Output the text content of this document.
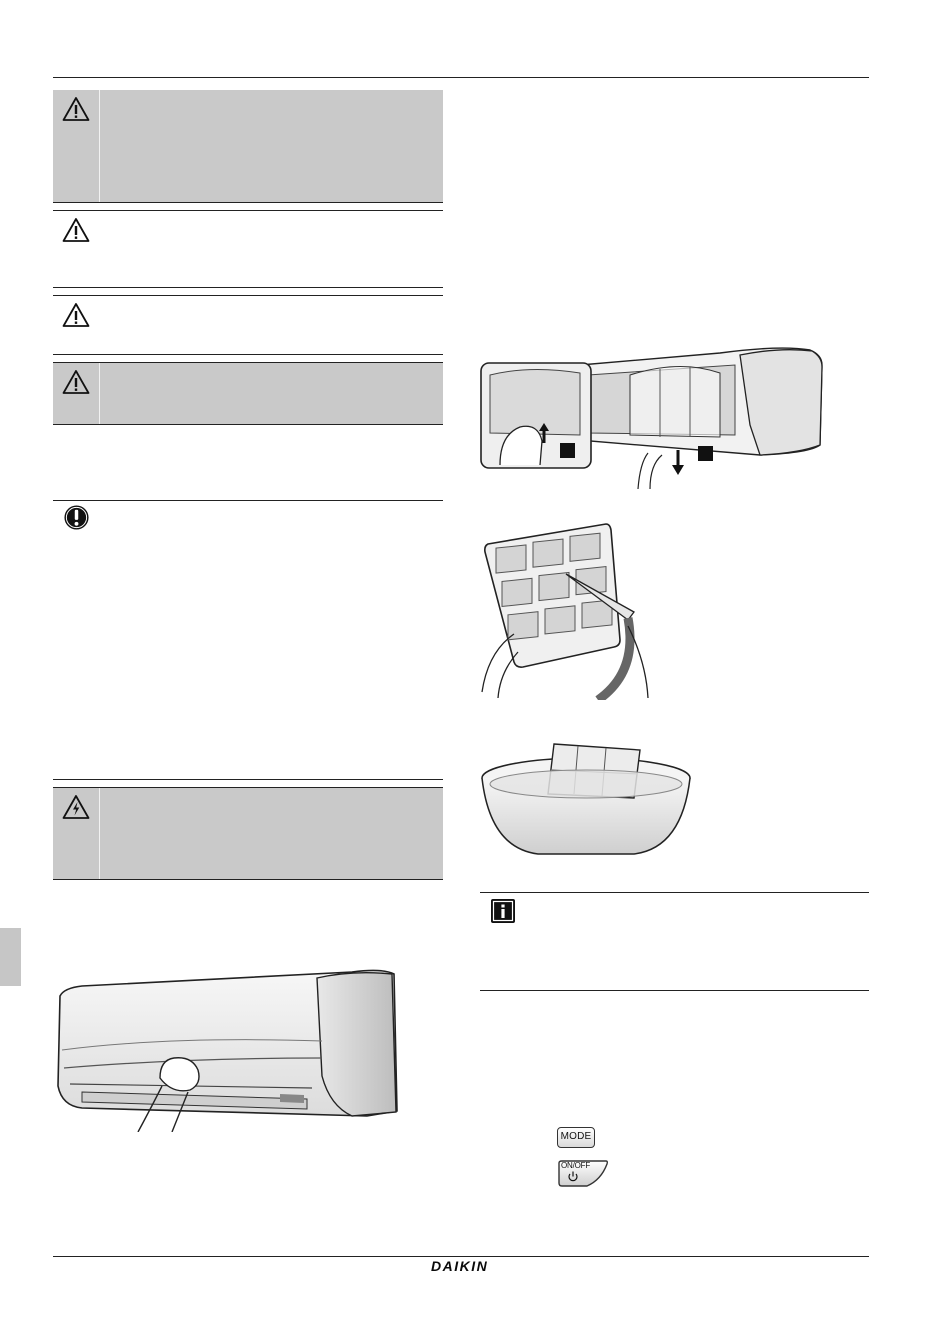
MODE
ON/OFF
DAIKIN
